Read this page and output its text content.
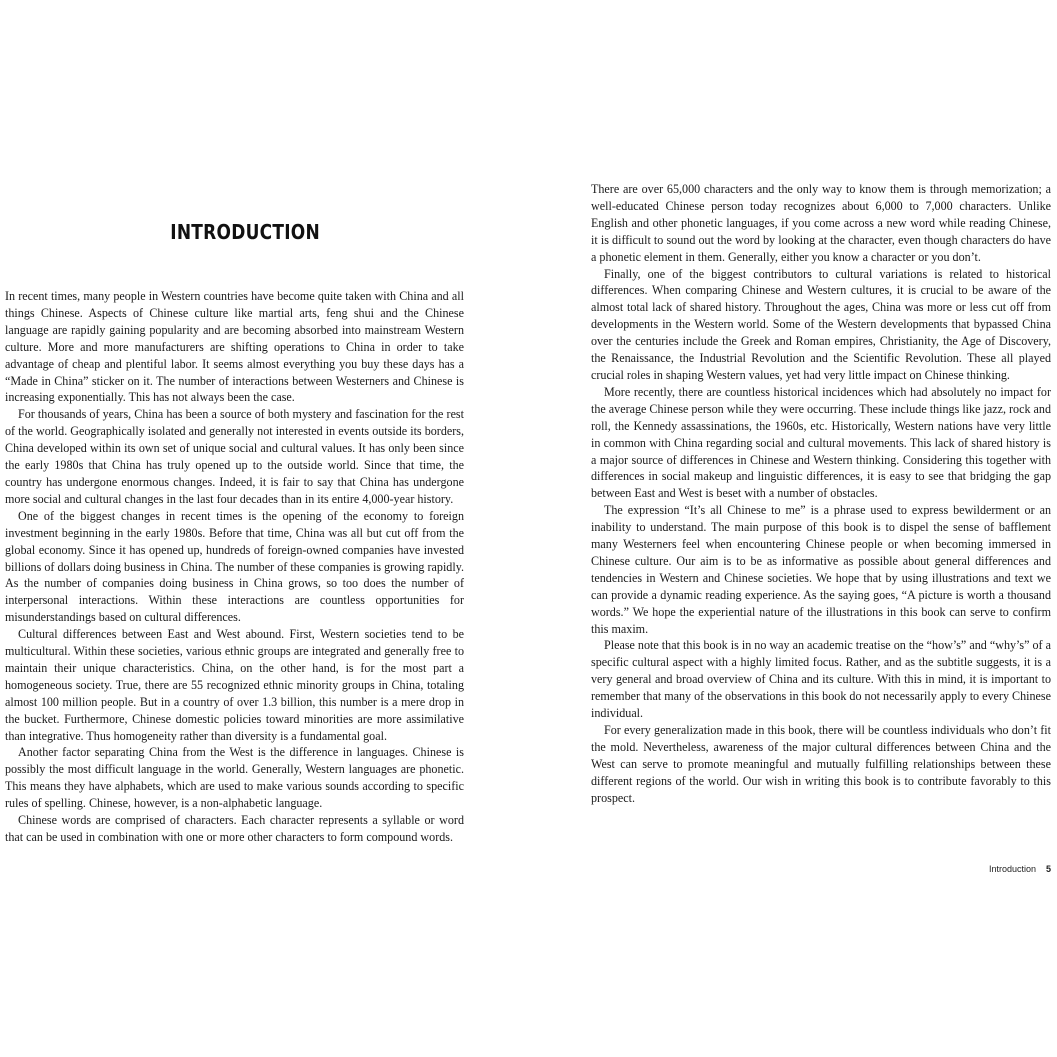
INTRODUCTION

In recent times, many people in Western countries have become quite taken with China and all things Chinese. Aspects of Chinese culture like martial arts, feng shui and the Chinese language are rapidly gaining popularity and are becoming absorbed into mainstream Western culture. More and more manufacturers are shifting operations to China in order to take advantage of cheap and plentiful labor. It seems almost everything you buy these days has a “Made in China” sticker on it. The number of interactions between Westerners and Chinese is increasing exponentially. This has not always been the case.

For thousands of years, China has been a source of both mystery and fascination for the rest of the world. Geographically isolated and generally not interested in events outside its borders, China developed within its own set of unique social and cultural values. It has only been since the early 1980s that China has truly opened up to the outside world. Since that time, the country has undergone enormous changes. Indeed, it is fair to say that China has undergone more social and cultural changes in the last four decades than in its entire 4,000-year history.

One of the biggest changes in recent times is the opening of the economy to foreign investment beginning in the early 1980s. Before that time, China was all but cut off from the global economy. Since it has opened up, hundreds of foreign-owned companies have invested billions of dollars doing business in China. The number of these companies is growing rapidly. As the number of companies doing business in China grows, so too does the number of interpersonal interactions. Within these interactions are countless opportunities for misunderstandings based on cultural differences.

Cultural differences between East and West abound. First, Western societies tend to be multicultural. Within these societies, various ethnic groups are integrated and generally free to maintain their unique characteristics. China, on the other hand, is for the most part a homogeneous society. True, there are 55 recognized ethnic minority groups in China, totaling almost 100 million people. But in a country of over 1.3 billion, this number is a mere drop in the bucket. Furthermore, Chinese domestic policies toward minorities are more assimilative than integrative. Thus homogeneity rather than diversity is a fundamental goal.

Another factor separating China from the West is the difference in languages. Chinese is possibly the most difficult language in the world. Generally, Western languages are phonetic. This means they have alphabets, which are used to make various sounds according to specific rules of spelling. Chinese, however, is a non-alphabetic language.

Chinese words are comprised of characters. Each character represents a syllable or word that can be used in combination with one or more other characters to form compound words.

There are over 65,000 characters and the only way to know them is through memorization; a well-educated Chinese person today recognizes about 6,000 to 7,000 characters. Unlike English and other phonetic languages, if you come across a new word while reading Chinese, it is difficult to sound out the word by looking at the character, even though characters do have a phonetic element in them. Generally, either you know a character or you don’t.

Finally, one of the biggest contributors to cultural variations is related to historical differences. When comparing Chinese and Western cultures, it is crucial to be aware of the almost total lack of shared history. Throughout the ages, China was more or less cut off from developments in the Western world. Some of the Western developments that bypassed China over the centuries include the Greek and Roman empires, Christianity, the Age of Discovery, the Renaissance, the Industrial Revolution and the Scientific Revolution. These all played crucial roles in shaping Western values, yet had very little impact on Chinese thinking.

More recently, there are countless historical incidences which had absolutely no impact for the average Chinese person while they were occurring. These include things like jazz, rock and roll, the Kennedy assassinations, the 1960s, etc. Historically, Western nations have very little in common with China regarding social and cultural movements. This lack of shared history is a major source of differences in Chinese and Western thinking. Considering this together with differences in social makeup and linguistic differences, it is easy to see that bridging the gap between East and West is beset with a number of obstacles.

The expression “It’s all Chinese to me” is a phrase used to express bewilderment or an inability to understand. The main purpose of this book is to dispel the sense of bafflement many Westerners feel when encountering Chinese people or when becoming immersed in Chinese culture. Our aim is to be as informative as possible about general differences and tendencies in Western and Chinese societies. We hope that by using illustrations and text we can provide a dynamic reading experience. As the saying goes, “A picture is worth a thousand words.” We hope the experiential nature of the illustrations in this book can serve to confirm this maxim.

Please note that this book is in no way an academic treatise on the “how’s” and “why’s” of a specific cultural aspect with a highly limited focus. Rather, and as the subtitle suggests, it is a very general and broad overview of China and its culture. With this in mind, it is important to remember that many of the observations in this book do not necessarily apply to every Chinese individual.

For every generalization made in this book, there will be countless individuals who don’t fit the mold. Nevertheless, awareness of the major cultural differences between China and the West can serve to promote meaningful and mutually fulfilling relationships between these different regions of the world. Our wish in writing this book is to contribute favorably to this prospect.

Introduction 5
